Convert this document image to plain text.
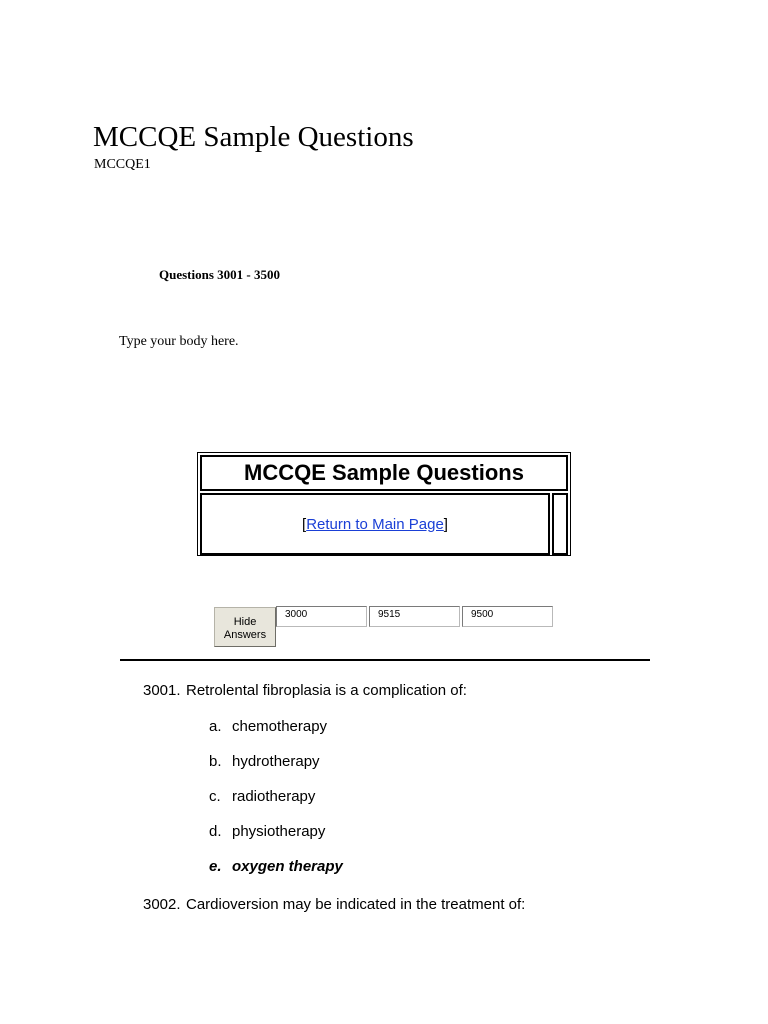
MCCQE Sample Questions
MCCQE1
Questions 3001 - 3500
Type your body here.
MCCQE Sample Questions
[ Return to Main Page ]
Hide Answers
3000	9515	9500
3001. Retrolental fibroplasia is a complication of:
a. chemotherapy
b. hydrotherapy
c. radiotherapy
d. physiotherapy
e. oxygen therapy
3002. Cardioversion may be indicated in the treatment of:
